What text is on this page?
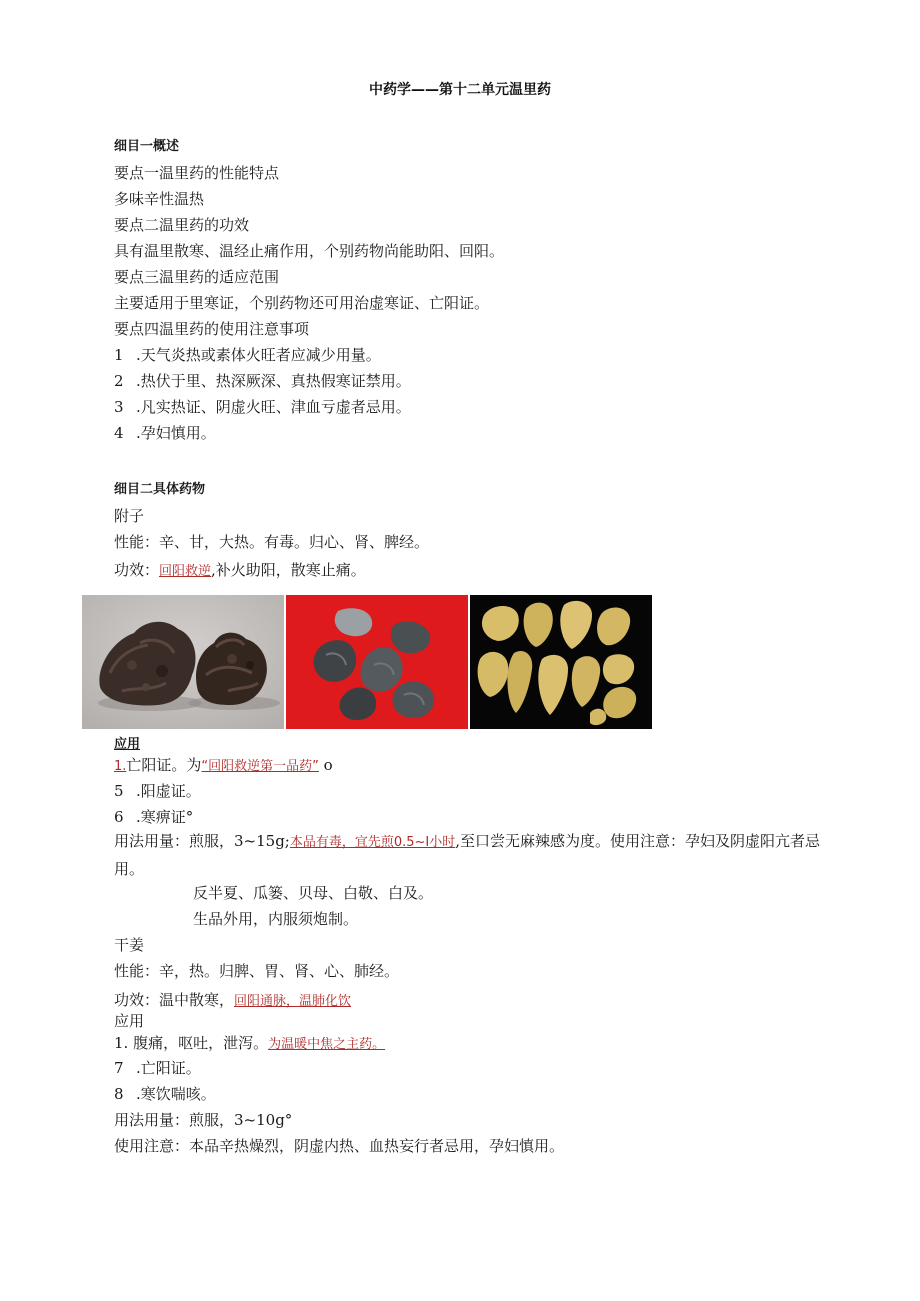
中药学——第十二单元温里药
细目一概述
要点一温里药的性能特点
多味辛性温热
要点二温里药的功效
具有温里散寒、温经止痛作用，个别药物尚能助阳、回阳。
要点三温里药的适应范围
主要适用于里寒证，个别药物还可用治虚寒证、亡阳证。
要点四温里药的使用注意事项
1 .天气炎热或素体火旺者应减少用量。
2 .热伏于里、热深厥深、真热假寒证禁用。
3 .凡实热证、阴虚火旺、津血亏虚者忌用。
4 .孕妇慎用。
细目二具体药物
附子
性能：辛、甘，大热。有毒。归心、肾、脾经。
功效：回阳救逆,补火助阳，散寒止痛。
应用
1.亡阳证。为“回阳救逆第一品药” o
5 .阳虚证。
6 .寒痹证°
用法用量：煎服，3~15g;本品有毒，宜先煎0.5~I小时,至口尝无麻辣感为度。使用注意：孕妇及阴虚阳亢者忌用。
反半夏、瓜篓、贝母、白敬、白及。
生品外用，内服须炮制。
干姜
性能：辛，热。归脾、胃、肾、心、肺经。
功效：温中散寒，回阳通脉，温肺化饮
应用
1. 腹痛，呕吐，泄泻。为温暖中焦之主药。
7 .亡阳证。
8 .寒饮喘咳。
用法用量：煎服，3~10g°
使用注意：本品辛热燥烈，阴虚内热、血热妄行者忌用，孕妇慎用。
